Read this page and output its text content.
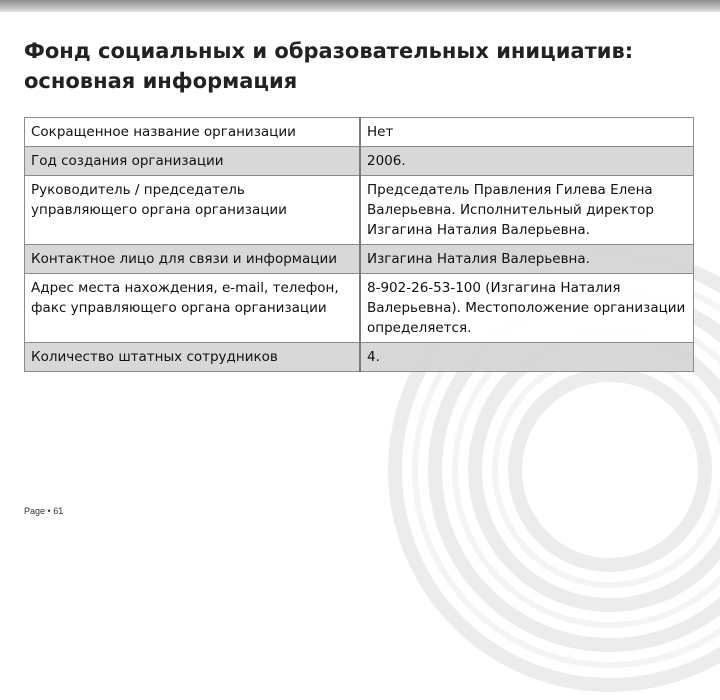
Фонд социальных и образовательных инициатив: основная информация
Сокращенное название организации	Нет
Год создания организации	2006.
Руководитель / председатель управляющего органа организации	Председатель Правления Гилева Елена Валерьевна. Исполнительный директор Изгагина Наталия Валерьевна.
Контактное лицо для связи и информации	Изгагина Наталия Валерьевна.
Адрес места нахождения, e-mail, телефон, факс управляющего органа организации	8-902-26-53-100 (Изгагина Наталия Валерьевна). Местоположение организации определяется.
Количество штатных сотрудников	4.
Page • 61
